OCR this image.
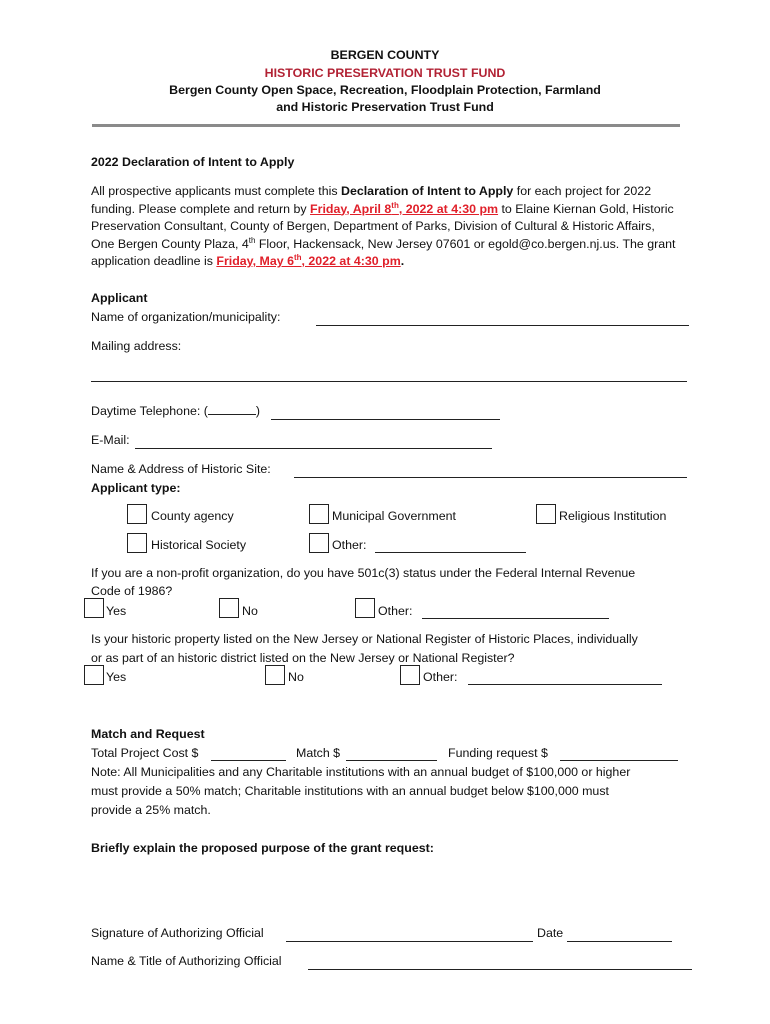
BERGEN COUNTY
HISTORIC PRESERVATION TRUST FUND
Bergen County Open Space, Recreation, Floodplain Protection, Farmland
and Historic Preservation Trust Fund
2022 Declaration of Intent to Apply
All prospective applicants must complete this Declaration of Intent to Apply for each project for 2022
funding. Please complete and return by Friday, April 8th, 2022 at 4:30 pm to Elaine Kiernan Gold, Historic
Preservation Consultant, County of Bergen, Department of Parks, Division of Cultural & Historic Affairs,
One Bergen County Plaza, 4th Floor, Hackensack, New Jersey 07601 or egold@co.bergen.nj.us. The grant
application deadline is Friday, May 6th, 2022 at 4:30 pm.
Applicant
Name of organization/municipality:
Mailing address:
Daytime Telephone: (	)
E-Mail:
Name & Address of Historic Site:
Applicant type:
County agency	Municipal Government	Religious Institution
Historical Society	Other:
If you are a non-profit organization, do you have 501c(3) status under the Federal Internal Revenue
Code of 1986?
Yes	No	Other:
Is your historic property listed on the New Jersey or National Register of Historic Places, individually
or as part of an historic district listed on the New Jersey or National Register?
Yes	No	Other:
Match and Request
Total Project Cost $	Match $	Funding request $
Note: All Municipalities and any Charitable institutions with an annual budget of $100,000 or higher
must provide a 50% match; Charitable institutions with an annual budget below $100,000 must
provide a 25% match.
Briefly explain the proposed purpose of the grant request:
Signature of Authorizing Official	Date
Name & Title of Authorizing Official
